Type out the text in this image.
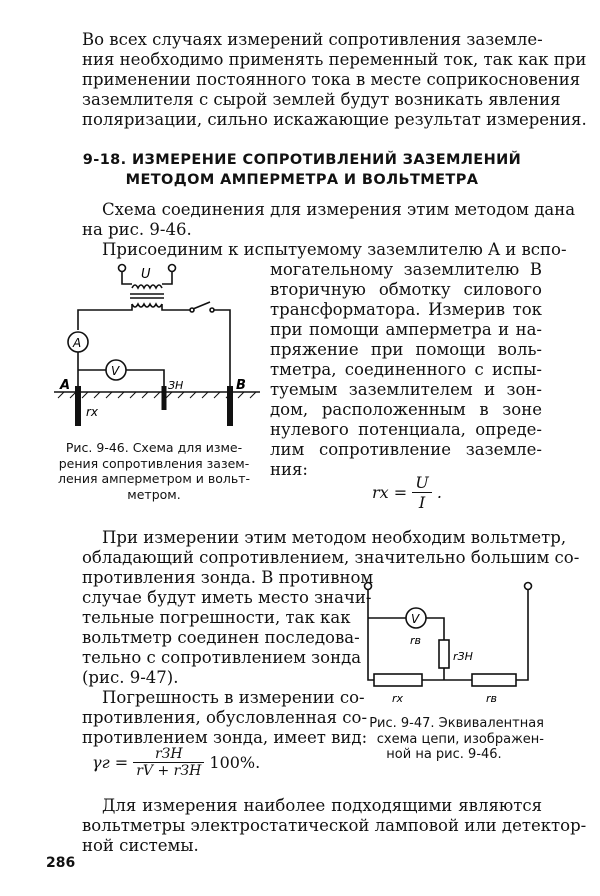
Во всех случаях измерений сопротивления заземле-
ния необходимо применять переменный ток, так как при
применении постоянного тока в месте соприкосновения
заземлителя с сырой землей будут возникать явления
поляризации, сильно искажающие результат измерения.
9-18. ИЗМЕРЕНИЕ СОПРОТИВЛЕНИЙ ЗАЗЕМЛЕНИЙ
МЕТОДОМ АМПЕРМЕТРА И ВОЛЬТМЕТРА
Схема соединения для измерения этим методом дана
на рис. 9-46.
Присоединим к испытуемому заземлителю A и вспо-
могательному заземлителю B
вторичную обмотку силового
трансформатора. Измерив ток
при помощи амперметра и на-
пряжение при помощи воль-
тметра, соединенного с испы-
туемым заземлителем и зон-
дом, расположенным в зоне
нулевого потенциала, опреде-
лим сопротивление заземле-
ния:
U
A
V
A	B
ЗН
rx
Рис. 9-46. Схема для изме-
рения сопротивления зазем-
ления амперметром и вольт-
метром.	rx = $\frac{U}{I}$ .
При измерении этим методом необходим вольтметр,
обладающий сопротивлением, значительно большим со-
противления зонда. В противном
случае будут иметь место значи-
тельные погрешности, так как
вольтметр соединен последова-
тельно с сопротивлением зонда
(рис. 9-47).
Погрешность в измерении со-
противления, обусловленная со-
противлением зонда, имеет вид:
$\gamma г = \frac{\text{rЗН}}{\text{rV + rЗН}} 100\%$.
V
rв
rЗН
rx	rв
Рис. 9-47. Эквивалентная
схема цепи, изображен-
ной на рис. 9-46.
Для измерения наиболее подходящими являются
вольтметры электростатической ламповой или детектор-
ной системы.
286
